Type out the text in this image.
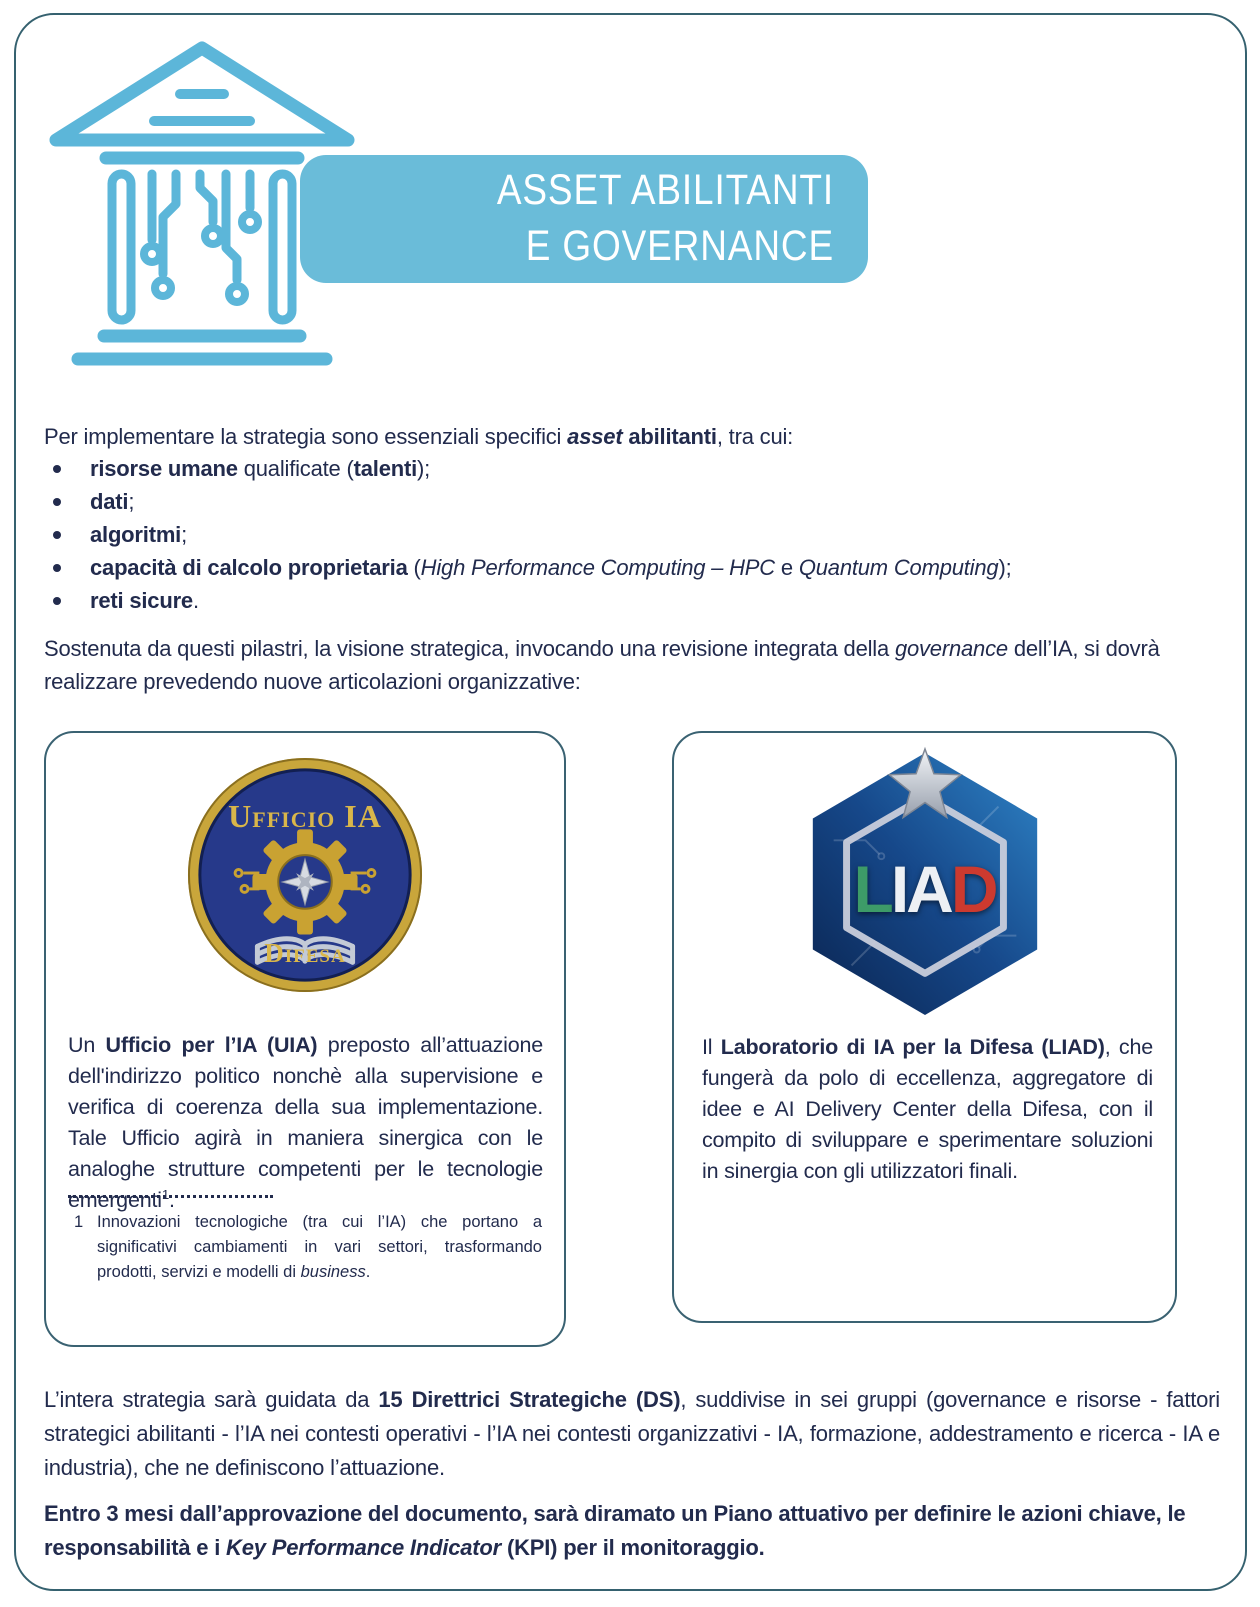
ASSET ABILITANTI
E GOVERNANCE

Per implementare la strategia sono essenziali specifici asset abilitanti, tra cui:

risorse umane qualificate (talenti);
dati;
algoritmi;
capacità di calcolo proprietaria (High Performance Computing – HPC e Quantum Computing);
reti sicure.

Sostenuta da questi pilastri, la visione strategica, invocando una revisione integrata della governance dell’IA, si dovrà realizzare prevedendo nuove articolazioni organizzative:

Ufficio IA
Difesa

Un Ufficio per l’IA (UIA) preposto all’attuazione dell'indirizzo politico nonchè alla supervisione e verifica di coerenza della sua implementazione. Tale Ufficio agirà in maniera sinergica con le analoghe strutture competenti per le tecnologie emergenti$^1$.

1 Innovazioni tecnologiche (tra cui l’IA) che portano a significativi cambiamenti in vari settori, trasformando prodotti, servizi e modelli di business.
LIAD

Il Laboratorio di IA per la Difesa (LIAD), che fungerà da polo di eccellenza, aggregatore di idee e AI Delivery Center della Difesa, con il compito di sviluppare e sperimentare soluzioni in sinergia con gli utilizzatori finali.

L’intera strategia sarà guidata da 15 Direttrici Strategiche (DS), suddivise in sei gruppi (governance e risorse - fattori strategici abilitanti - l’IA nei contesti operativi - l’IA nei contesti organizzativi - IA, formazione, addestramento e ricerca - IA e industria), che ne definiscono l’attuazione.

Entro 3 mesi dall’approvazione del documento, sarà diramato un Piano attuativo per definire le azioni chiave, le responsabilità e i Key Performance Indicator (KPI) per il monitoraggio.
